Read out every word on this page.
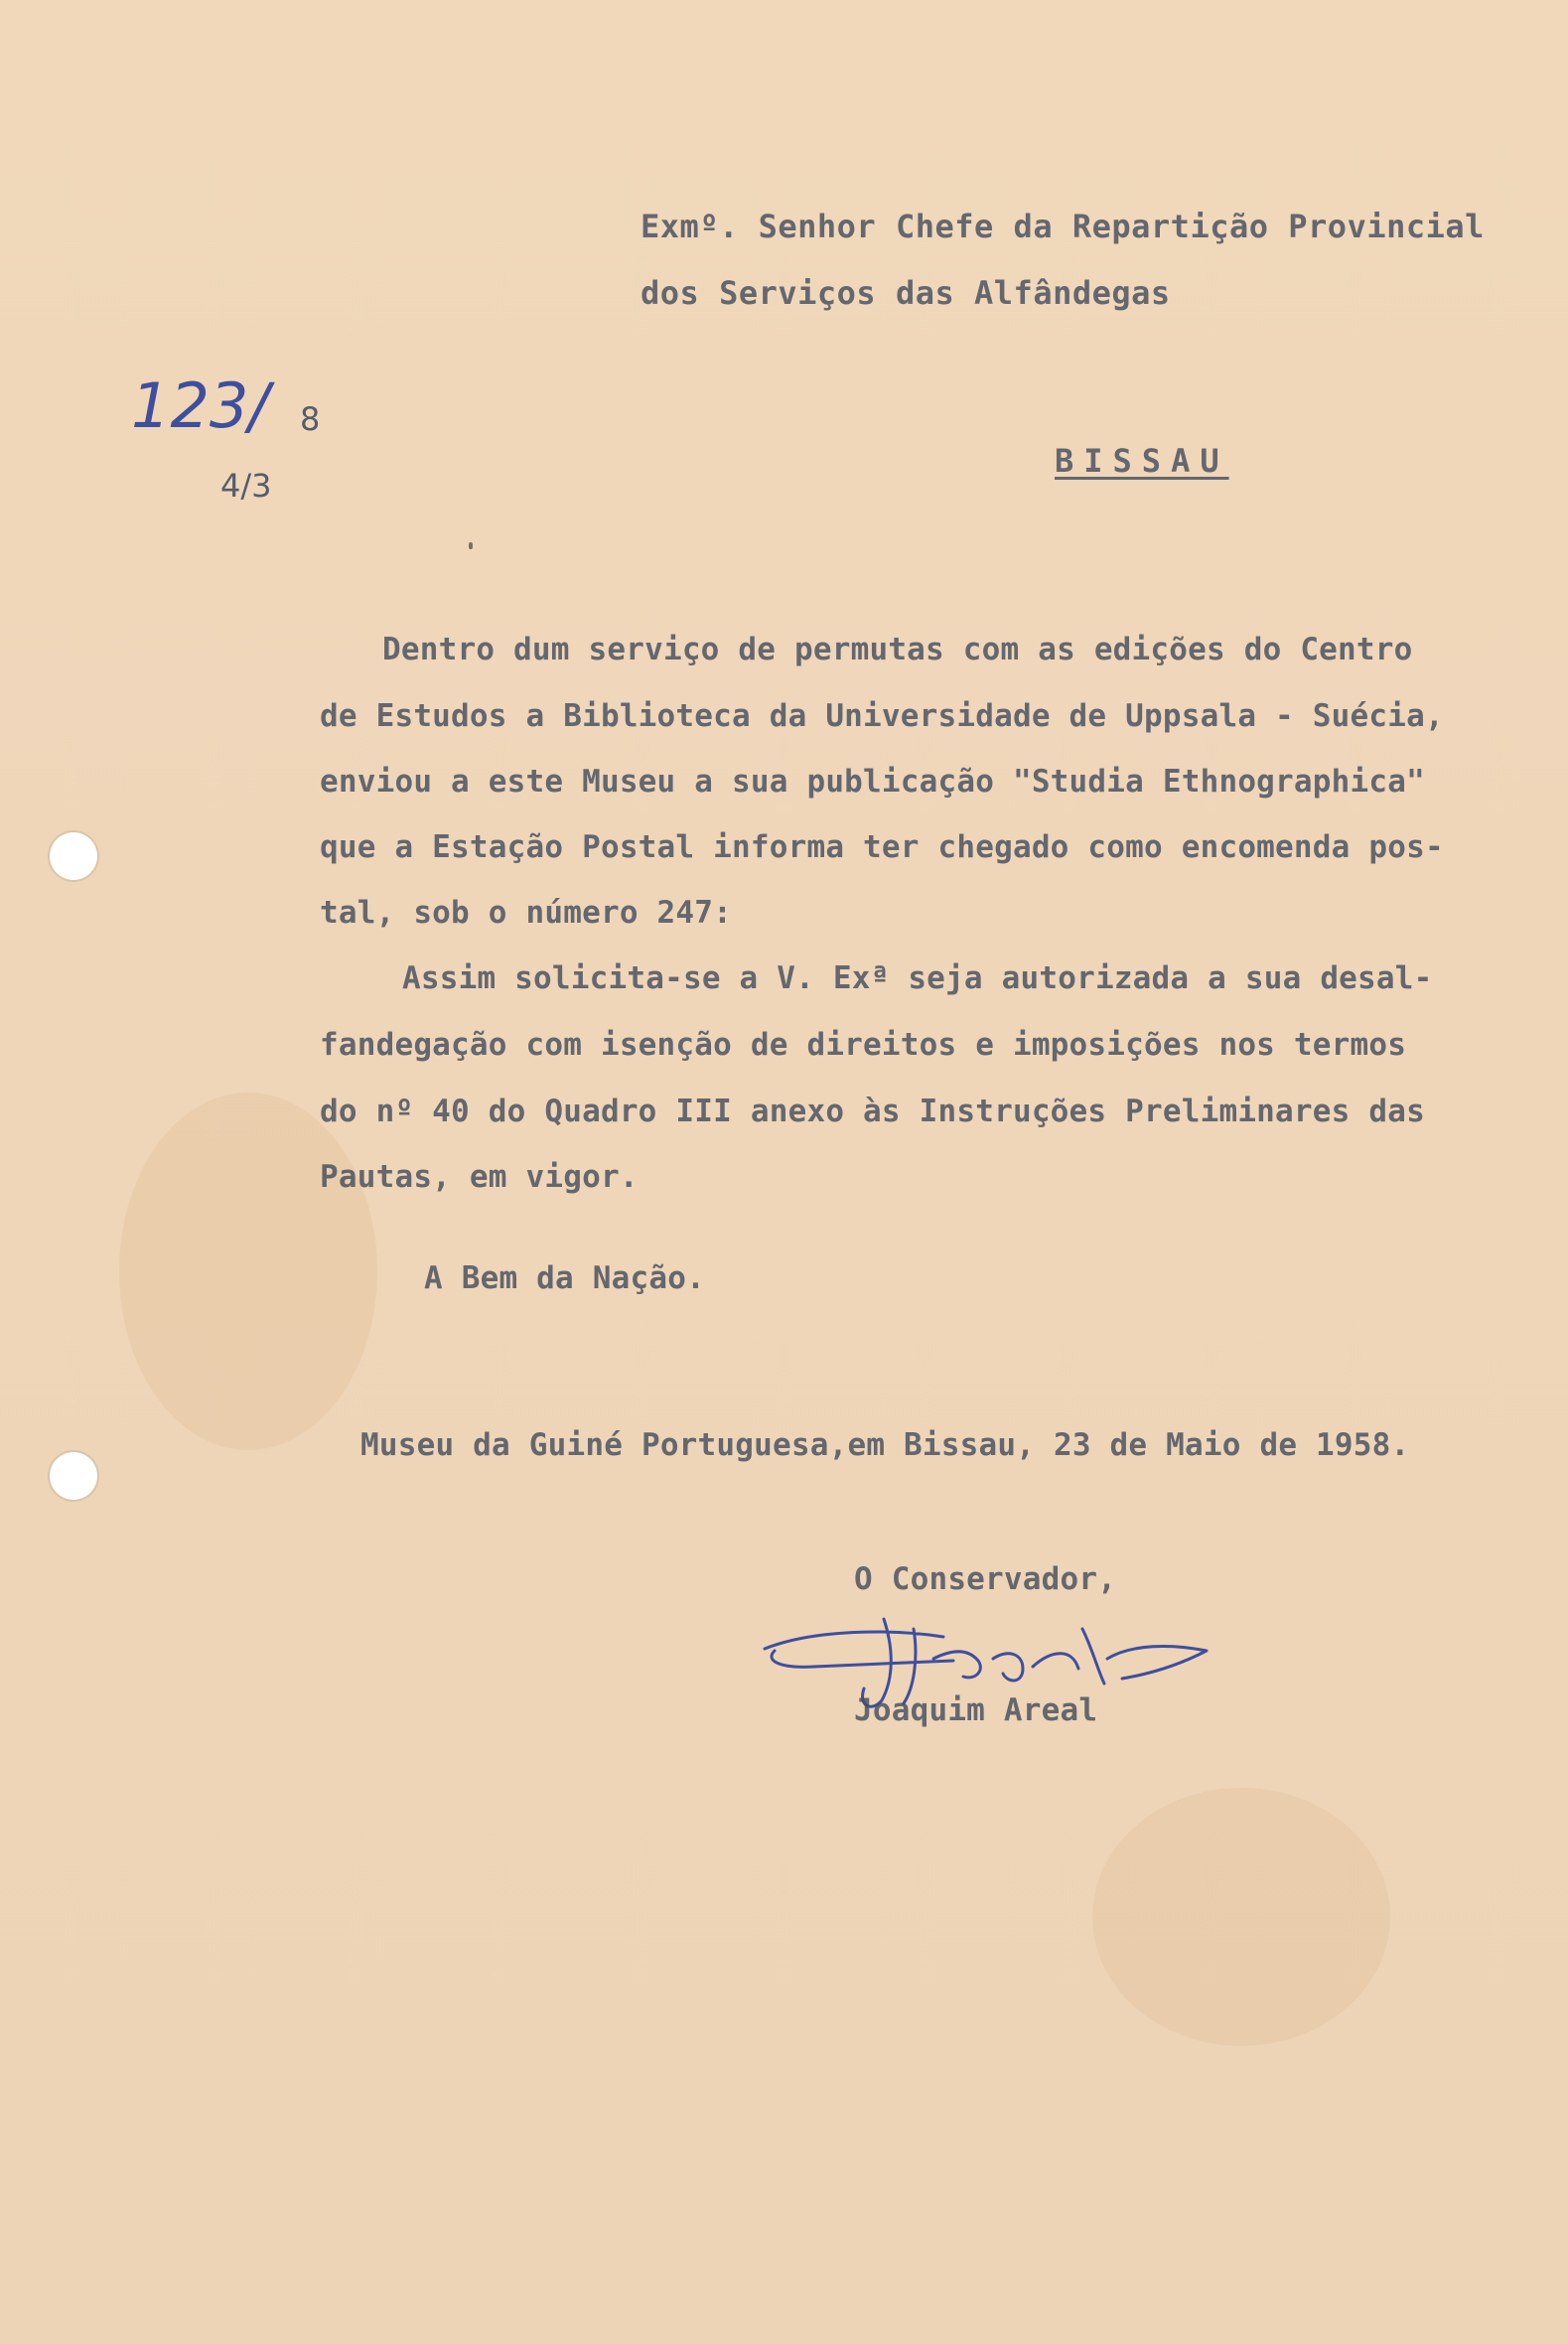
123/ 8
4/3
Exmº. Senhor Chefe da Repartição Provincial
dos Serviços das Alfândegas
BISSAU
Dentro dum serviço de permutas com as edições do Centro
de Estudos a Biblioteca da Universidade de Uppsala - Suécia,
enviou a este Museu a sua publicação "Studia Ethnographica"
que a Estação Postal informa ter chegado como encomenda pos-
tal, sob o número 247:
Assim solicita-se a V. Exª seja autorizada a sua desal-
fandegação com isenção de direitos e imposições nos termos
do nº 40 do Quadro III anexo às Instruções Preliminares das
Pautas, em vigor.
A Bem da Nação.
Museu da Guiné Portuguesa,em Bissau, 23 de Maio de 1958.
O Conservador,
Joaquim Areal
